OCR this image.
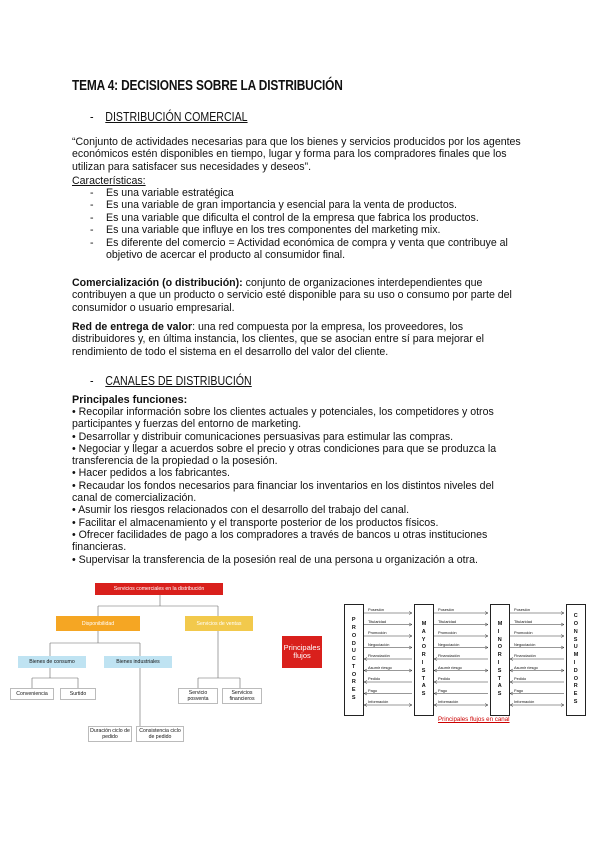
TEMA 4: DECISIONES SOBRE LA DISTRIBUCIÓN
- DISTRIBUCIÓN COMERCIAL
“Conjunto de actividades necesarias para que los bienes y servicios producidos por los agentes económicos estén disponibles en tiempo, lugar y forma para los compradores finales que los utilizan para satisfacer sus necesidades y deseos”.
Características:
- Es una variable estratégica
- Es una variable de gran importancia y esencial para la venta de productos.
- Es una variable que dificulta el control de la empresa que fabrica los productos.
- Es una variable que influye en los tres componentes del marketing mix.
- Es diferente del comercio = Actividad económica de compra y venta que contribuye al objetivo de acercar el producto al consumidor final.
Comercialización (o distribución): conjunto de organizaciones interdependientes que contribuyen a que un producto o servicio esté disponible para su uso o consumo por parte del consumidor o usuario empresarial.
Red de entrega de valor: una red compuesta por la empresa, los proveedores, los distribuidores y, en última instancia, los clientes, que se asocian entre sí para mejorar el rendimiento de todo el sistema en el desarrollo del valor del cliente.
- CANALES DE DISTRIBUCIÓN
Principales funciones:
• Recopilar información sobre los clientes actuales y potenciales, los competidores y otros participantes y fuerzas del entorno de marketing.
• Desarrollar y distribuir comunicaciones persuasivas para estimular las compras.
• Negociar y llegar a acuerdos sobre el precio y otras condiciones para que se produzca la transferencia de la propiedad o la posesión.
• Hacer pedidos a los fabricantes.
• Recaudar los fondos necesarios para financiar los inventarios en los distintos niveles del canal de comercialización.
• Asumir los riesgos relacionados con el desarrollo del trabajo del canal.
• Facilitar el almacenamiento y el transporte posterior de los productos físicos.
• Ofrecer facilidades de pago a los compradores a través de bancos u otras instituciones financieras.
• Supervisar la transferencia de la posesión real de una persona u organización a otra.
Servicios comerciales en la distribución
Disponibilidad	Servicios de ventas
Bienes de consumo	Bienes industriales
Conveniencia	Surtido	Servicio posventa
Servicios financieros
Duración ciclo de pedido
Consistencia ciclo de pedido
Principales flujos
P
R
O
D
U
C
T
O
R
E
S
M
A
Y
O
R
I
S
T
A
S
M
I
N
O
R
I
S
T
A
S
C
O
N
S
U
M
I
D
O
R
E
S
Posesión	Posesión	Posesión
Titularidad	Titularidad	Titularidad
Promoción	Promoción	Promoción
Negociación	Negociación	Negociación
Financiación	Financiación	Financiación
Asumir riesgo	Asumir riesgo	Asumir riesgo
Pedido	Pedido	Pedido
Pago	Pago	Pago
Información	Información	Información
Principales flujos en canal
